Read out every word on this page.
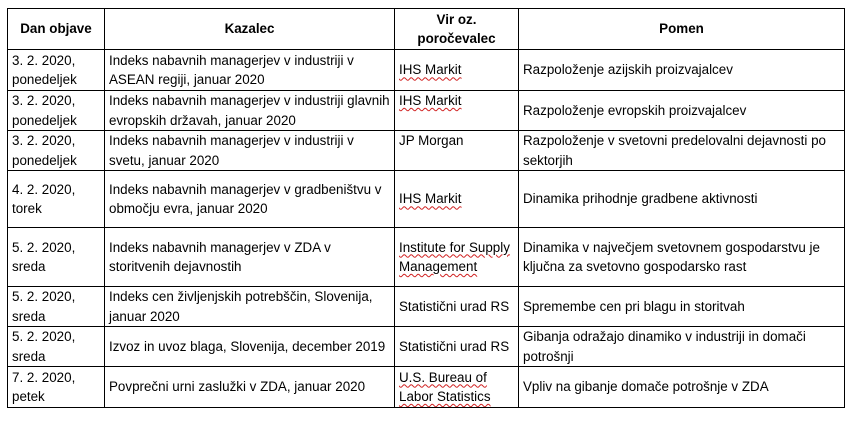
Dan objave	Kazalec	Vir oz. poročevalec	Pomen
3. 2. 2020, ponedeljek	Indeks nabavnih managerjev v industriji v ASEAN regiji, januar 2020	IHS Markit	Razpoloženje azijskih proizvajalcev
3. 2. 2020, ponedeljek	Indeks nabavnih managerjev v industriji glavnih evropskih državah, januar 2020	IHS Markit	Razpoloženje evropskih proizvajalcev
3. 2. 2020, ponedeljek	Indeks nabavnih managerjev v industriji v svetu, januar 2020	JP Morgan	Razpoloženje v svetovni predelovalni dejavnosti po sektorjih
4. 2. 2020, torek	Indeks nabavnih managerjev v gradbeništvu v območju evra, januar 2020	IHS Markit	Dinamika prihodnje gradbene aktivnosti
5. 2. 2020, sreda	Indeks nabavnih managerjev v ZDA v storitvenih dejavnostih	Institute for Supply Management	Dinamika v največjem svetovnem gospodarstvu je ključna za svetovno gospodarsko rast
5. 2. 2020, sreda	Indeks cen življenjskih potrebščin, Slovenija, januar 2020	Statistični urad RS	Spremembe cen pri blagu in storitvah
5. 2. 2020, sreda	Izvoz in uvoz blaga, Slovenija, december 2019	Statistični urad RS	Gibanja odražajo dinamiko v industriji in domači potrošnji
7. 2. 2020, petek	Povprečni urni zaslužki v ZDA, januar 2020	U.S. Bureau of Labor Statistics	Vpliv na gibanje domače potrošnje v ZDA
